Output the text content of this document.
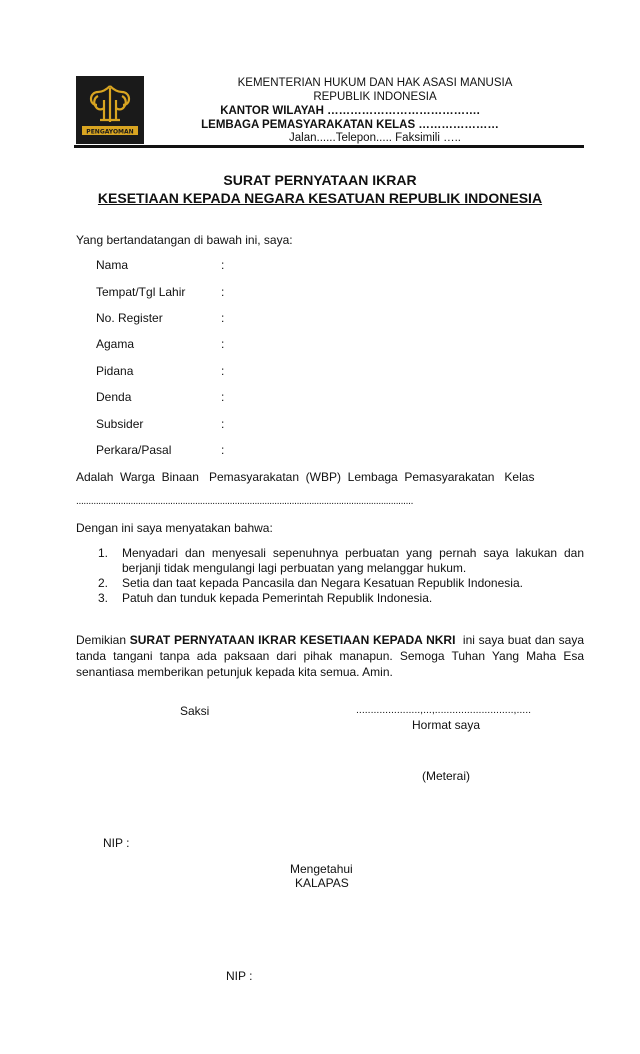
PENGAYOMAN
KEMENTERIAN HUKUM DAN HAK ASASI MANUSIA
REPUBLIK INDONESIA
KANTOR WILAYAH ………………………………….
LEMBAGA PEMASYARAKATAN KELAS …………………
Jalan......Telepon..... Faksimili …..
SURAT PERNYATAAN IKRAR
KESETIAAN KEPADA NEGARA KESATUAN REPUBLIK INDONESIA
Yang bertandatangan di bawah ini, saya:
Nama	:
Tempat/Tgl Lahir	:
No. Register	:
Agama	:
Pidana	:
Denda	:
Subsider	:
Perkara/Pasal	:
Adalah  Warga  Binaan   Pemasyarakatan  (WBP)  Lembaga  Pemasyarakatan   Kelas
........................................................................................................................................
Dengan ini saya menyatakan bahwa:
1. Menyadari dan menyesali sepenuhnya perbuatan yang pernah saya lakukan dan berjanji tidak mengulangi lagi perbuatan yang melanggar hukum.
2. Setia dan taat kepada Pancasila dan Negara Kesatuan Republik Indonesia.
3. Patuh dan tunduk kepada Pemerintah Republik Indonesia.
Demikian SURAT PERNYATAAN IKRAR KESETIAAN KEPADA NKRI  ini saya buat dan saya tanda tangani tanpa ada paksaan dari pihak manapun. Semoga Tuhan Yang Maha Esa senantiasa memberikan petunjuk kepada kita semua. Amin.
Saksi	......................,...,...........................,.....
Hormat saya
(Meterai)
NIP :
Mengetahui
KALAPAS
NIP :
